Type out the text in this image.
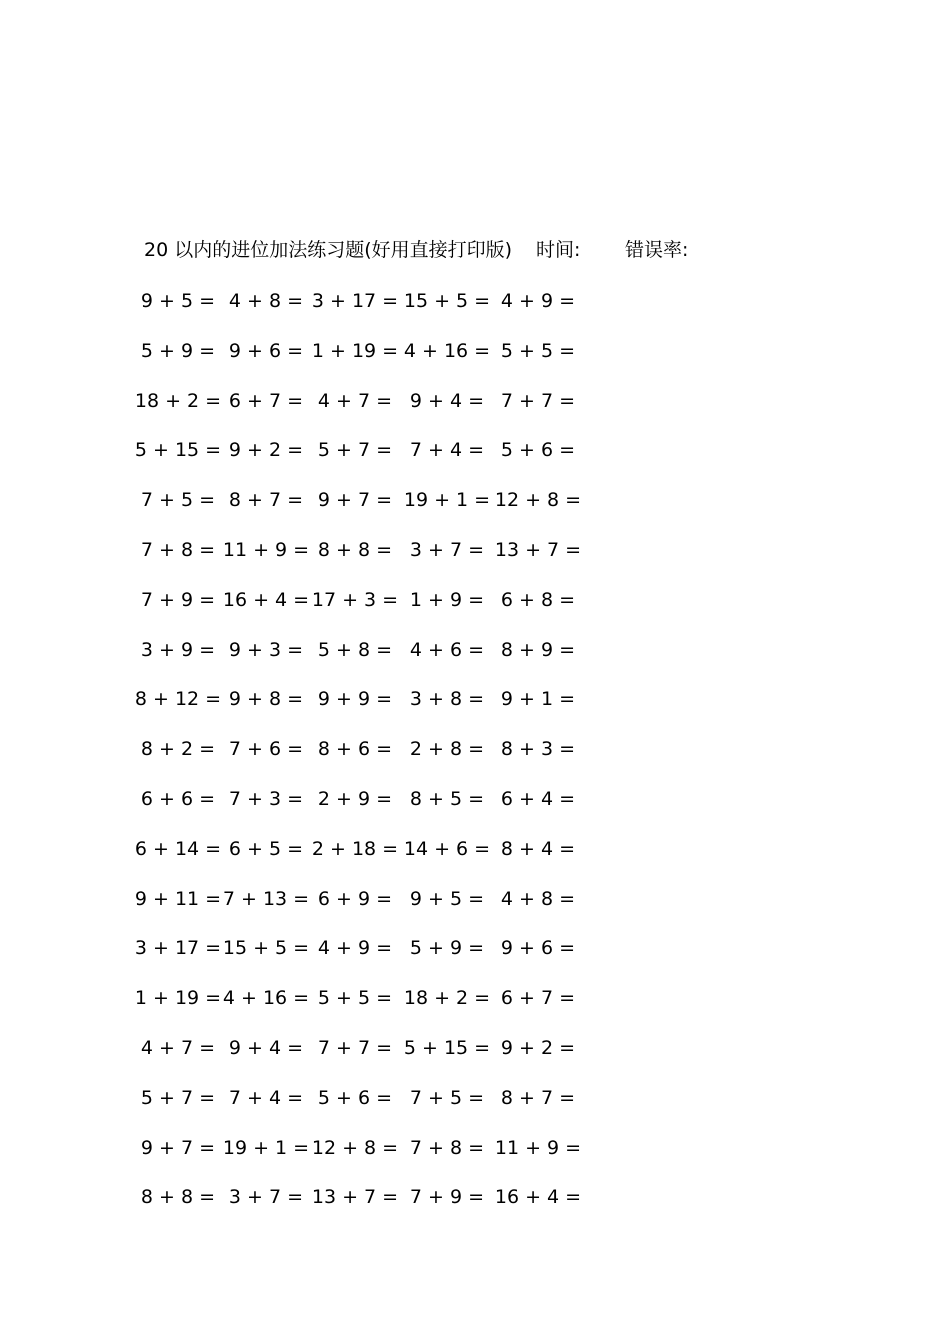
20 以内的进位加法练习题(好用直接打印版) 时间: 错误率:
9 + 5 = 4 + 8 = 3 + 17 = 15 + 5 = 4 + 9 =
5 + 9 = 9 + 6 = 1 + 19 = 4 + 16 = 5 + 5 =
18 + 2 = 6 + 7 = 4 + 7 = 9 + 4 = 7 + 7 =
5 + 15 = 9 + 2 = 5 + 7 = 7 + 4 = 5 + 6 =
7 + 5 = 8 + 7 = 9 + 7 = 19 + 1 = 12 + 8 =
7 + 8 = 11 + 9 = 8 + 8 = 3 + 7 = 13 + 7 =
7 + 9 = 16 + 4 = 17 + 3 = 1 + 9 = 6 + 8 =
3 + 9 = 9 + 3 = 5 + 8 = 4 + 6 = 8 + 9 =
8 + 12 = 9 + 8 = 9 + 9 = 3 + 8 = 9 + 1 =
8 + 2 = 7 + 6 = 8 + 6 = 2 + 8 = 8 + 3 =
6 + 6 = 7 + 3 = 2 + 9 = 8 + 5 = 6 + 4 =
6 + 14 = 6 + 5 = 2 + 18 = 14 + 6 = 8 + 4 =
9 + 11 = 7 + 13 = 6 + 9 = 9 + 5 = 4 + 8 =
3 + 17 = 15 + 5 = 4 + 9 = 5 + 9 = 9 + 6 =
1 + 19 = 4 + 16 = 5 + 5 = 18 + 2 = 6 + 7 =
4 + 7 = 9 + 4 = 7 + 7 = 5 + 15 = 9 + 2 =
5 + 7 = 7 + 4 = 5 + 6 = 7 + 5 = 8 + 7 =
9 + 7 = 19 + 1 = 12 + 8 = 7 + 8 = 11 + 9 =
8 + 8 = 3 + 7 = 13 + 7 = 7 + 9 = 16 + 4 =
